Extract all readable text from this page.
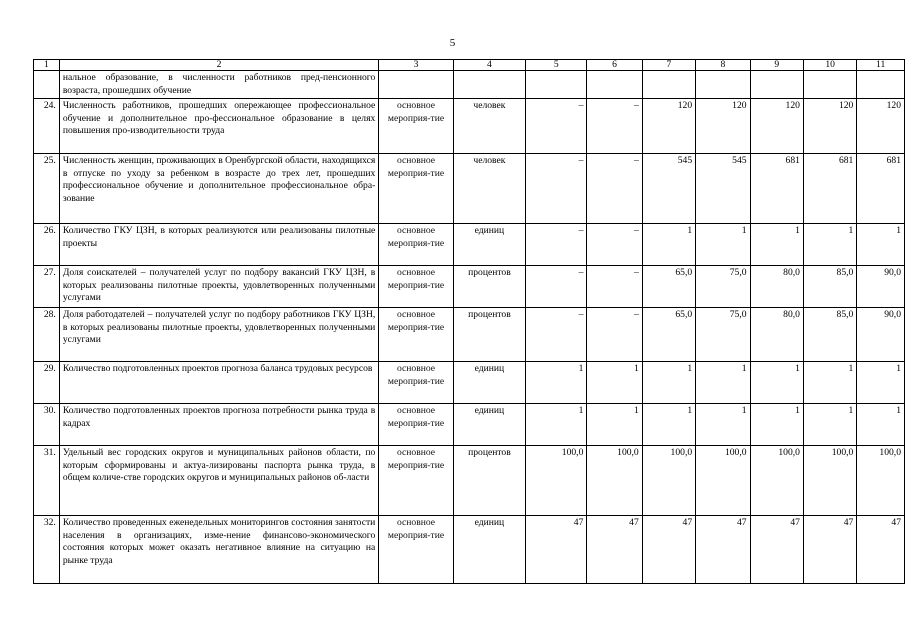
5
1	2	3	4	5	6	7	8	9	10	11
	нальное образование, в численности работников пред-пенсионного возраста, прошедших обучение									
24.	Численность работников, прошедших опережающее профессиональное обучение и дополнительное про-фессиональное образование в целях повышения про-изводительности труда	основное мероприя-тие	человек	–	–	120	120	120	120	120
25.	Численность женщин, проживающих в Оренбургской области, находящихся в отпуске по уходу за ребенком в возрасте до трех лет, прошедших профессиональное обучение и дополнительное профессиональное обра-зование	основное мероприя-тие	человек	–	–	545	545	681	681	681
26.	Количество ГКУ ЦЗН, в которых реализуются или реализованы пилотные проекты	основное мероприя-тие	единиц	–	–	1	1	1	1	1
27.	Доля соискателей – получателей услуг по подбору вакансий ГКУ ЦЗН, в которых реализованы пилотные проекты, удовлетворенных полученными услугами	основное мероприя-тие	процентов	–	–	65,0	75,0	80,0	85,0	90,0
28.	Доля работодателей – получателей услуг по подбору работников ГКУ ЦЗН, в которых реализованы пилотные проекты, удовлетворенных полученными услугами	основное мероприя-тие	процентов	–	–	65,0	75,0	80,0	85,0	90,0
29.	Количество подготовленных проектов прогноза баланса трудовых ресурсов	основное мероприя-тие	единиц	1	1	1	1	1	1	1
30.	Количество подготовленных проектов прогноза потребности рынка труда в кадрах	основное мероприя-тие	единиц	1	1	1	1	1	1	1
31.	Удельный вес городских округов и муниципальных районов области, по которым сформированы и актуа-лизированы паспорта рынка труда, в общем количе-стве городских округов и муниципальных районов об-ласти	основное мероприя-тие	процентов	100,0	100,0	100,0	100,0	100,0	100,0	100,0
32.	Количество проведенных еженедельных мониторингов состояния занятости населения в организациях, изме-нение финансово-экономического состояния которых может оказать негативное влияние на ситуацию на рынке труда	основное мероприя-тие	единиц	47	47	47	47	47	47	47
